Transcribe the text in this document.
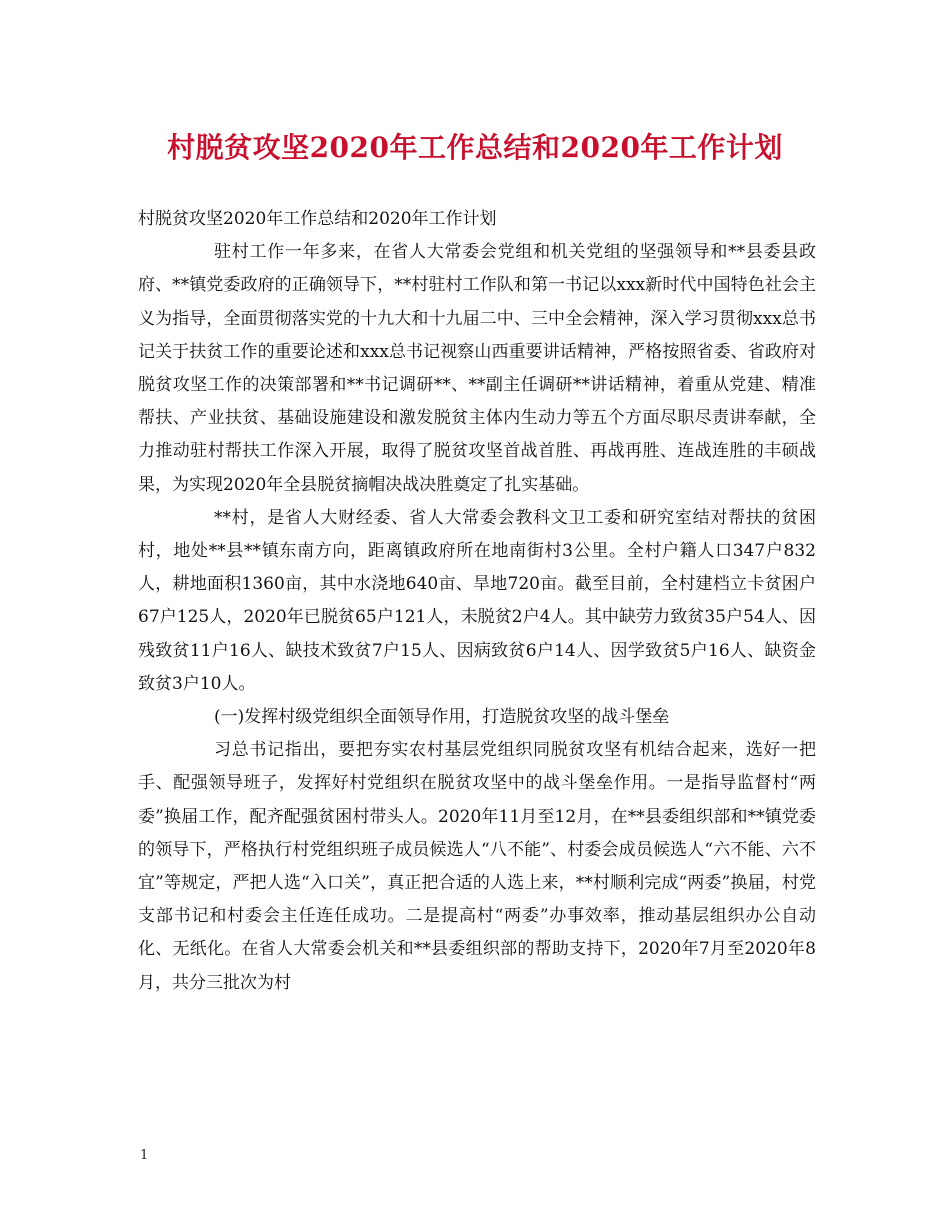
村脱贫攻坚2020年工作总结和2020年工作计划

村脱贫攻坚2020年工作总结和2020年工作计划

驻村工作一年多来，在省人大常委会党组和机关党组的坚强领导和**县委县政府、**镇党委政府的正确领导下，**村驻村工作队和第一书记以xxx新时代中国特色社会主义为指导，全面贯彻落实党的十九大和十九届二中、三中全会精神，深入学习贯彻xxx总书记关于扶贫工作的重要论述和xxx总书记视察山西重要讲话精神，严格按照省委、省政府对脱贫攻坚工作的决策部署和**书记调研**、**副主任调研**讲话精神，着重从党建、精准帮扶、产业扶贫、基础设施建设和激发脱贫主体内生动力等五个方面尽职尽责讲奉献，全力推动驻村帮扶工作深入开展，取得了脱贫攻坚首战首胜、再战再胜、连战连胜的丰硕战果，为实现2020年全县脱贫摘帽决战决胜奠定了扎实基础。

**村，是省人大财经委、省人大常委会教科文卫工委和研究室结对帮扶的贫困村，地处**县**镇东南方向，距离镇政府所在地南街村3公里。全村户籍人口347户832人，耕地面积1360亩，其中水浇地640亩、旱地720亩。截至目前，全村建档立卡贫困户67户125人，2020年已脱贫65户121人，未脱贫2户4人。其中缺劳力致贫35户54人、因残致贫11户16人、缺技术致贫7户15人、因病致贫6户14人、因学致贫5户16人、缺资金致贫3户10人。

(一)发挥村级党组织全面领导作用，打造脱贫攻坚的战斗堡垒

习总书记指出，要把夯实农村基层党组织同脱贫攻坚有机结合起来，选好一把手、配强领导班子，发挥好村党组织在脱贫攻坚中的战斗堡垒作用。一是指导监督村“两委”换届工作，配齐配强贫困村带头人。2020年11月至12月，在**县委组织部和**镇党委的领导下，严格执行村党组织班子成员候选人“八不能”、村委会成员候选人“六不能、六不宜”等规定，严把人选“入口关”，真正把合适的人选上来，**村顺利完成“两委”换届，村党支部书记和村委会主任连任成功。二是提高村“两委”办事效率，推动基层组织办公自动化、无纸化。在省人大常委会机关和**县委组织部的帮助支持下，2020年7月至2020年8月，共分三批次为村

1
